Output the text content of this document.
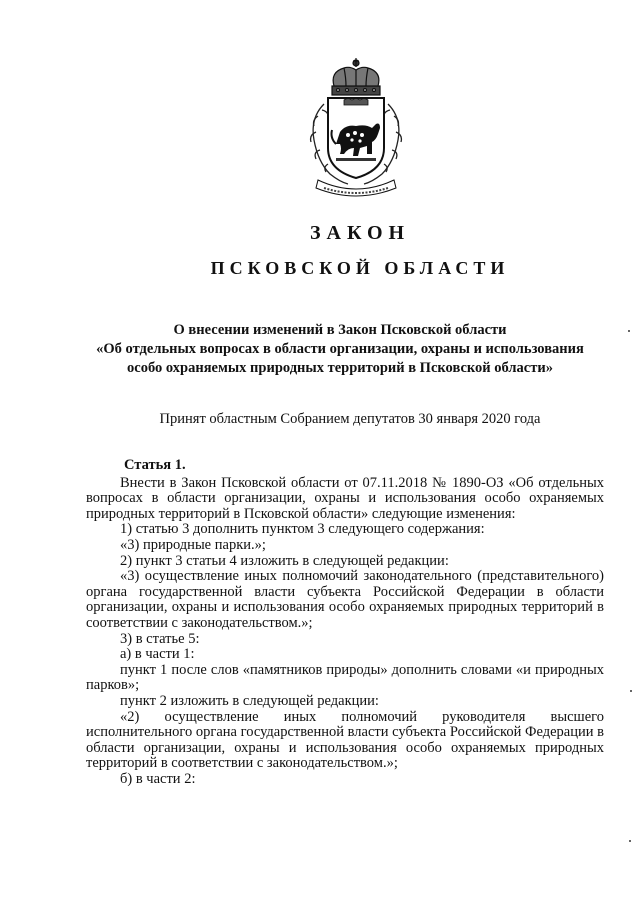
ЗАКОН
ПСКОВСКОЙ ОБЛАСТИ
О внесении изменений в Закон Псковской области
«Об отдельных вопросах в области организации, охраны и использования
особо охраняемых природных территорий в Псковской области»
Принят областным Собранием депутатов 30 января 2020 года

Статья 1.

Внести в Закон Псковской области от 07.11.2018 № 1890-ОЗ «Об отдельных вопросах в области организации, охраны и использования особо охраняемых природных территорий в Псковской области» следующие изменения:

1) статью 3 дополнить пунктом 3 следующего содержания:

«3) природные парки.»;

2) пункт 3 статьи 4 изложить в следующей редакции:

«3) осуществление иных полномочий законодательного (представительного) органа государственной власти субъекта Российской Федерации в области организации, охраны и использования особо охраняемых природных территорий в соответствии с законодательством.»;

3) в статье 5:

а) в части 1:

пункт 1 после слов «памятников природы» дополнить словами «и природных парков»;

пункт 2 изложить в следующей редакции:

«2) осуществление иных полномочий руководителя высшего исполнительного органа государственной власти субъекта Российской Федерации в области организации, охраны и использования особо охраняемых природных территорий в соответствии с законодательством.»;

б) в части 2:
